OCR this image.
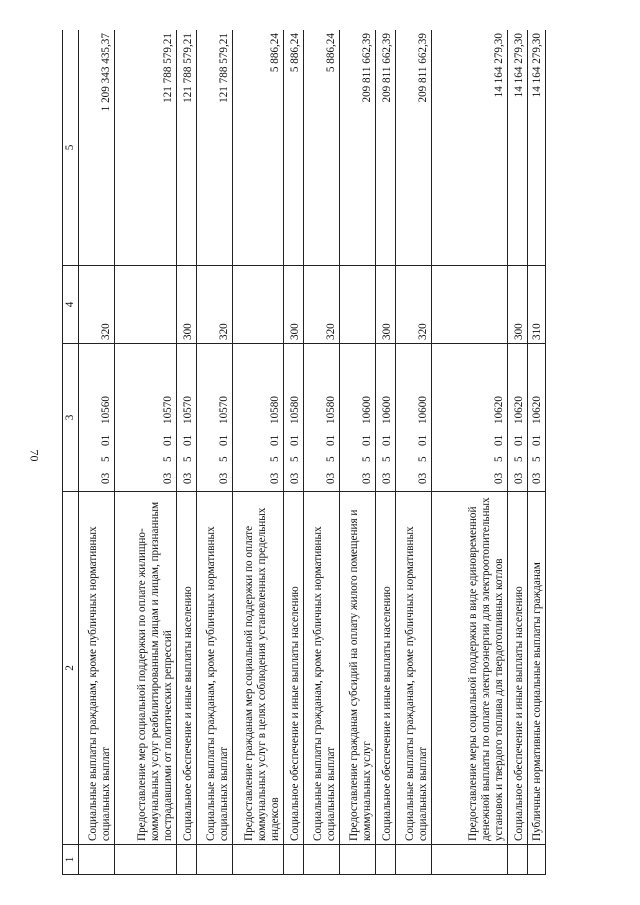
70
1	2	3	4	5
	Социальные выплаты гражданам, кроме публичных нормативных социальных выплат	0350110560	320	1 209 343 435,37
	Предоставление мер социальной поддержки по оплате жилищно-коммунальных услуг реабилитированным лицам и лицам, признанным пострадавшими от политических репрессий	0350110570		121 788 579,21
	Социальное обеспечение и иные выплаты населению	0350110570	300	121 788 579,21
	Социальные выплаты гражданам, кроме публичных нормативных социальных выплат	0350110570	320	121 788 579,21
	Предоставление гражданам мер социальной поддержки по оплате коммунальных услуг в целях соблюдения установленных предельных индексов	0350110580		5 886,24
	Социальное обеспечение и иные выплаты населению	0350110580	300	5 886,24
	Социальные выплаты гражданам, кроме публичных нормативных социальных выплат	0350110580	320	5 886,24
	Предоставление гражданам субсидий на оплату жилого помещения и коммунальных услуг	0350110600		209 811 662,39
	Социальное обеспечение и иные выплаты населению	0350110600	300	209 811 662,39
	Социальные выплаты гражданам, кроме публичных нормативных социальных выплат	0350110600	320	209 811 662,39
	Предоставление меры социальной поддержки в виде единовременной денежной выплаты по оплате электроэнергии для электроотопительных установок и твердого топлива для твердотопливных котлов	0350110620		14 164 279,30
	Социальное обеспечение и иные выплаты населению	0350110620	300	14 164 279,30
	Публичные нормативные социальные выплаты гражданам	0350110620	310	14 164 279,30
